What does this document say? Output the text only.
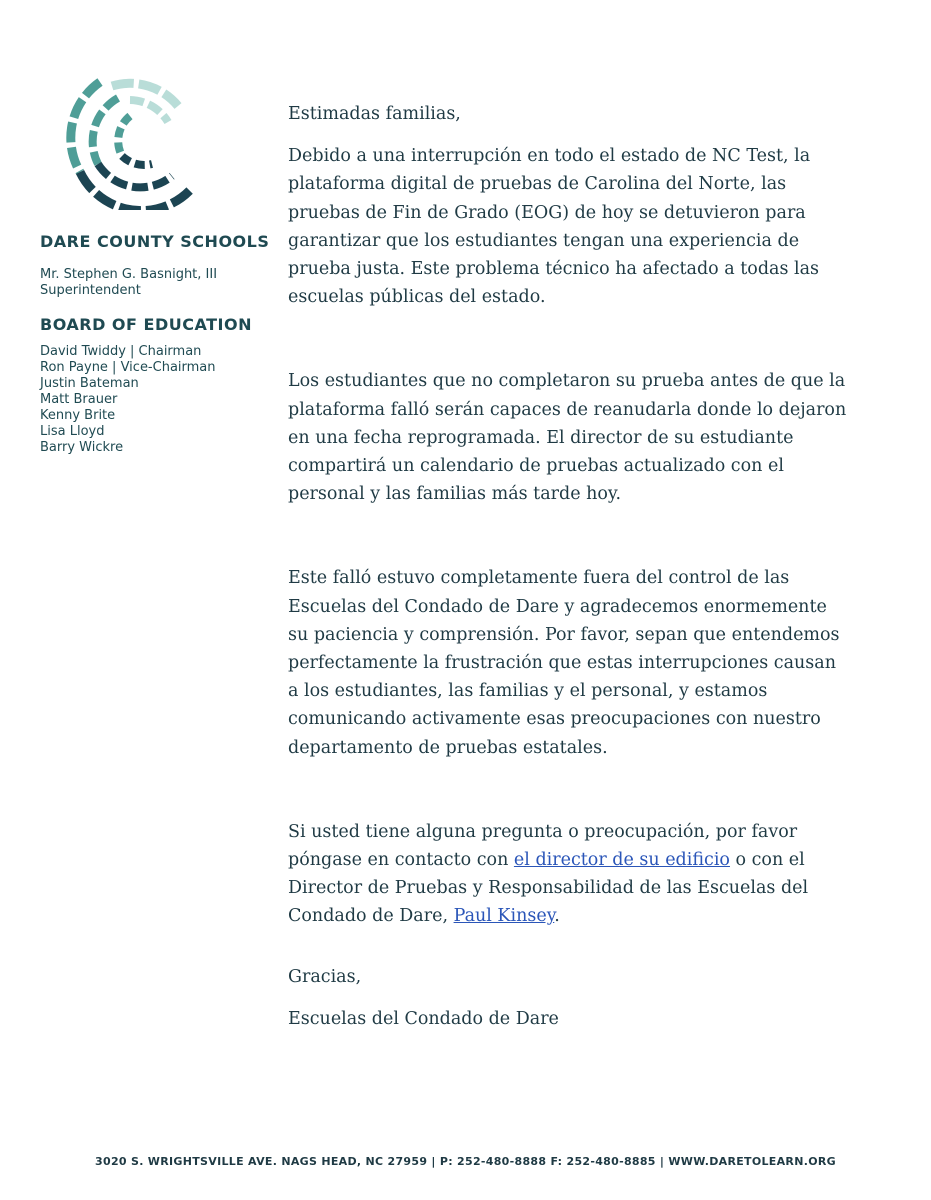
DARE COUNTY SCHOOLS
Mr. Stephen G. Basnight, III
Superintendent
BOARD OF EDUCATION
David Twiddy | Chairman
Ron Payne | Vice-Chairman
Justin Bateman
Matt Brauer
Kenny Brite
Lisa Lloyd
Barry Wickre

Estimadas familias,

Debido a una interrupción en todo el estado de NC Test, la plataforma digital de pruebas de Carolina del Norte, las pruebas de Fin de Grado (EOG) de hoy se detuvieron para garantizar que los estudiantes tengan una experiencia de prueba justa. Este problema técnico ha afectado a todas las escuelas públicas del estado.

Los estudiantes que no completaron su prueba antes de que la plataforma falló serán capaces de reanudarla donde lo dejaron en una fecha reprogramada. El director de su estudiante compartirá un calendario de pruebas actualizado con el personal y las familias más tarde hoy.

Este falló estuvo completamente fuera del control de las Escuelas del Condado de Dare y agradecemos enormemente su paciencia y comprensión. Por favor, sepan que entendemos perfectamente la frustración que estas interrupciones causan a los estudiantes, las familias y el personal, y estamos comunicando activamente esas preocupaciones con nuestro departamento de pruebas estatales.

Si usted tiene alguna pregunta o preocupación, por favor póngase en contacto con el director de su edificio o con el Director de Pruebas y Responsabilidad de las Escuelas del Condado de Dare, Paul Kinsey.

Gracias,

Escuelas del Condado de Dare

3020 S. WRIGHTSVILLE AVE. NAGS HEAD, NC 27959 | P: 252-480-8888 F: 252-480-8885 | WWW.DARETOLEARN.ORG
